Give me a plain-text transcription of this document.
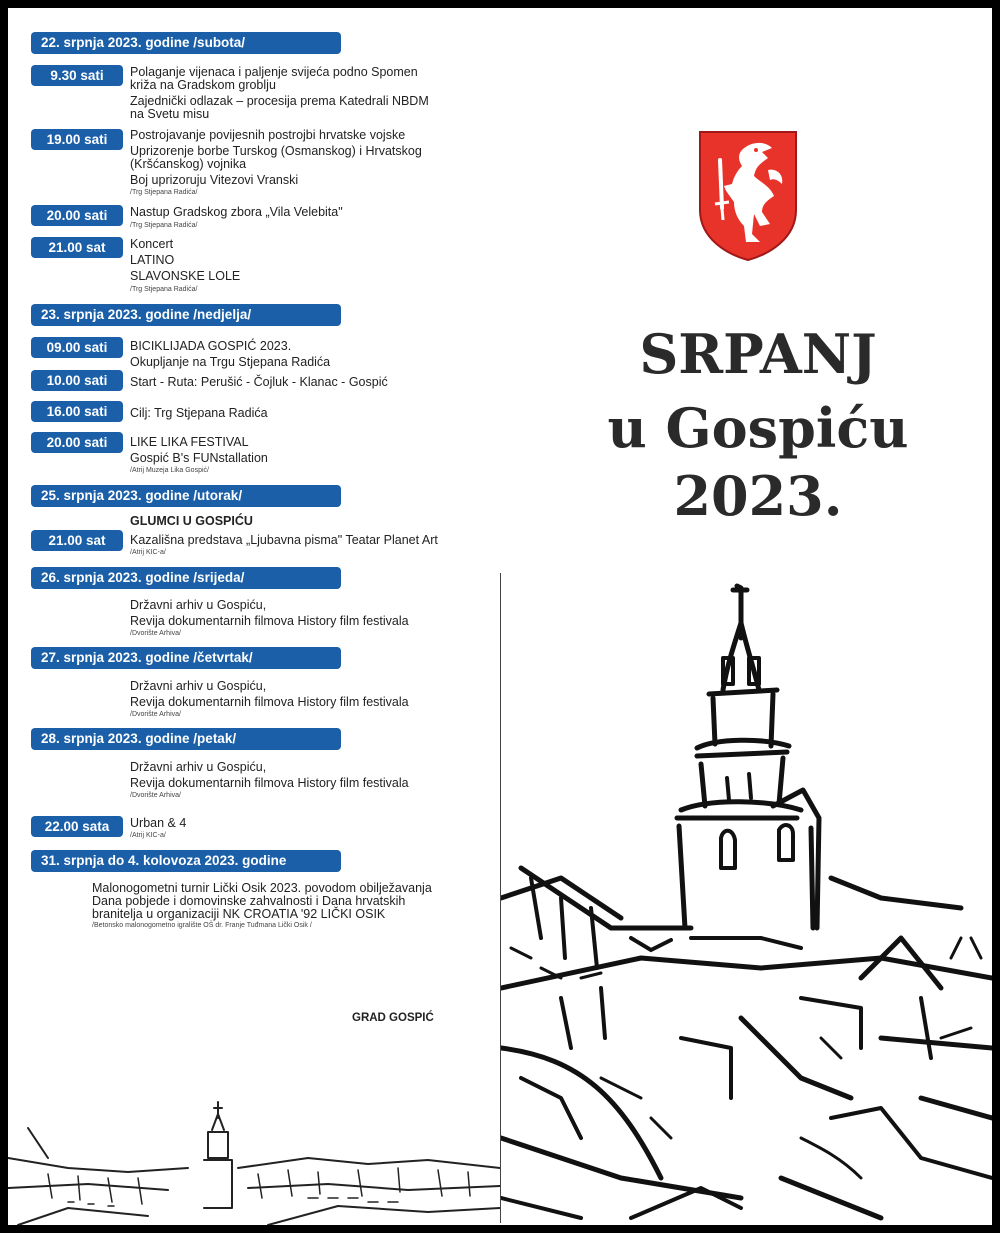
22. srpnja 2023. godine /subota/
9.30 sati	Polaganje vijenaca i paljenje svijeća podno Spomen
križa na Gradskom groblju
Zajednički odlazak – procesija prema Katedrali NBDM
na Svetu misu
19.00 sati	Postrojavanje povijesnih postrojbi hrvatske vojske
Uprizorenje borbe Turskog (Osmanskog) i Hrvatskog
(Kršćanskog) vojnika
Boj uprizoruju Vitezovi Vranski
/Trg Stjepana Radića/
20.00 sati	Nastup Gradskog zbora „Vila Velebita"
/Trg Stjepana Radića/
21.00 sat	Koncert
LATINO
SLAVONSKE LOLE
/Trg Stjepana Radića/
23. srpnja 2023. godine /nedjelja/
09.00 sati	BICIKLIJADA GOSPIĆ 2023.
Okupljanje na Trgu Stjepana Radića
10.00 sati	Start - Ruta: Perušić - Čojluk - Klanac - Gospić
16.00 sati	Cilj: Trg Stjepana Radića
20.00 sati	LIKE LIKA FESTIVAL
Gospić B's FUNstallation
/Atrij Muzeja Lika Gospić/
25. srpnja 2023. godine /utorak/
GLUMCI U GOSPIĆU
21.00 sat	Kazališna predstava „Ljubavna pisma" Teatar Planet Art
/Atrij KIC-a/
26. srpnja 2023. godine /srijeda/
Državni arhiv u Gospiću,
Revija dokumentarnih filmova History film festivala
/Dvorište Arhiva/
27. srpnja 2023. godine /četvrtak/
Državni arhiv u Gospiću,
Revija dokumentarnih filmova History film festivala
/Dvorište Arhiva/
28. srpnja 2023. godine /petak/
Državni arhiv u Gospiću,
Revija dokumentarnih filmova History film festivala
/Dvorište Arhiva/
22.00 sata	Urban & 4
/Atrij KIC-a/
31. srpnja do 4. kolovoza 2023. godine
Malonogometni turnir Lički Osik 2023. povodom obilježavanja
Dana pobjede i domovinske zahvalnosti i Dana hrvatskih
branitelja u organizaciji NK CROATIA '92 LIČKI OSIK
/Betonsko malonogometno igralište OŠ dr. Franje Tuđmana Lički Osik /
GRAD GOSPIĆ
SRPANJ
u Gospiću
2023.
